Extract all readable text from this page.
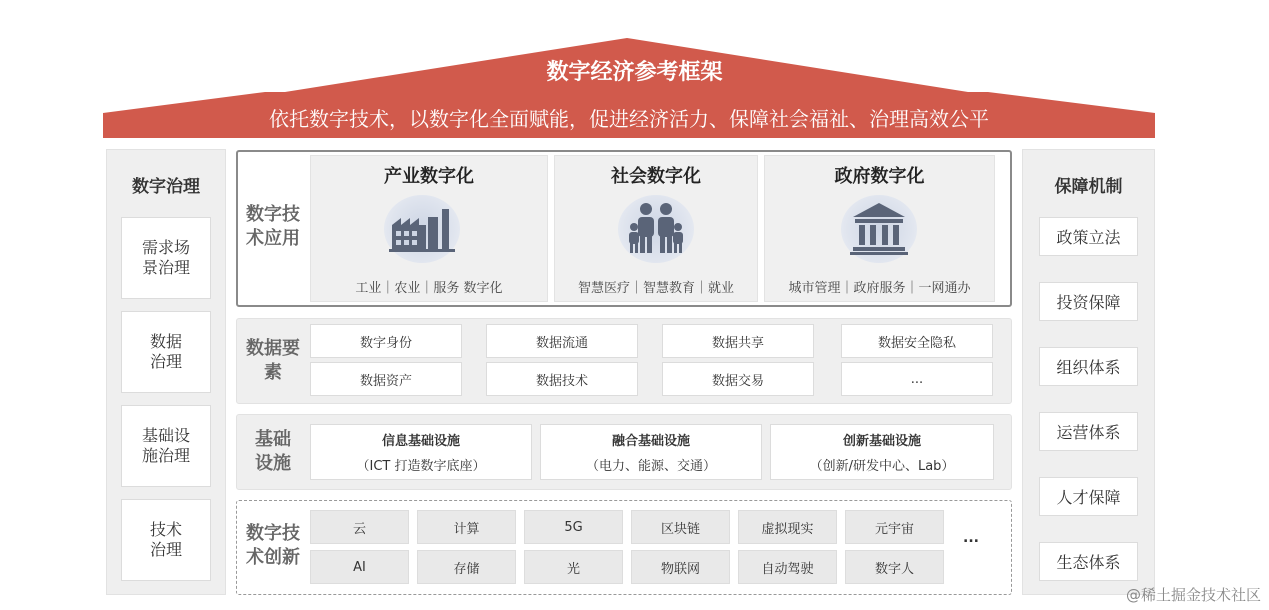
数字经济参考框架
依托数字技术，以数字化全面赋能，促进经济活力、保障社会福祉、治理高效公平
数字治理
需求场
景治理
数据
治理
基础设
施治理
技术
治理
保障机制
政策立法
投资保障
组织体系
运营体系
人才保障
生态体系
数字技
术应用
产业数字化
工业｜农业｜服务 数字化
社会数字化
智慧医疗｜智慧教育｜就业
政府数字化
城市管理｜政府服务｜一网通办
数据要
素
数字身份	数据流通	数据共享	数据安全隐私
数据资产	数据技术	数据交易	...
基础
设施
信息基础设施
（ICT 打造数字底座）
融合基础设施
（电力、能源、交通）
创新基础设施
（创新/研发中心、Lab）
数字技
术创新
云	计算	5G	区块链	虚拟现实	元宇宙
AI	存储	光	物联网	自动驾驶	数字人
...
@稀土掘金技术社区
